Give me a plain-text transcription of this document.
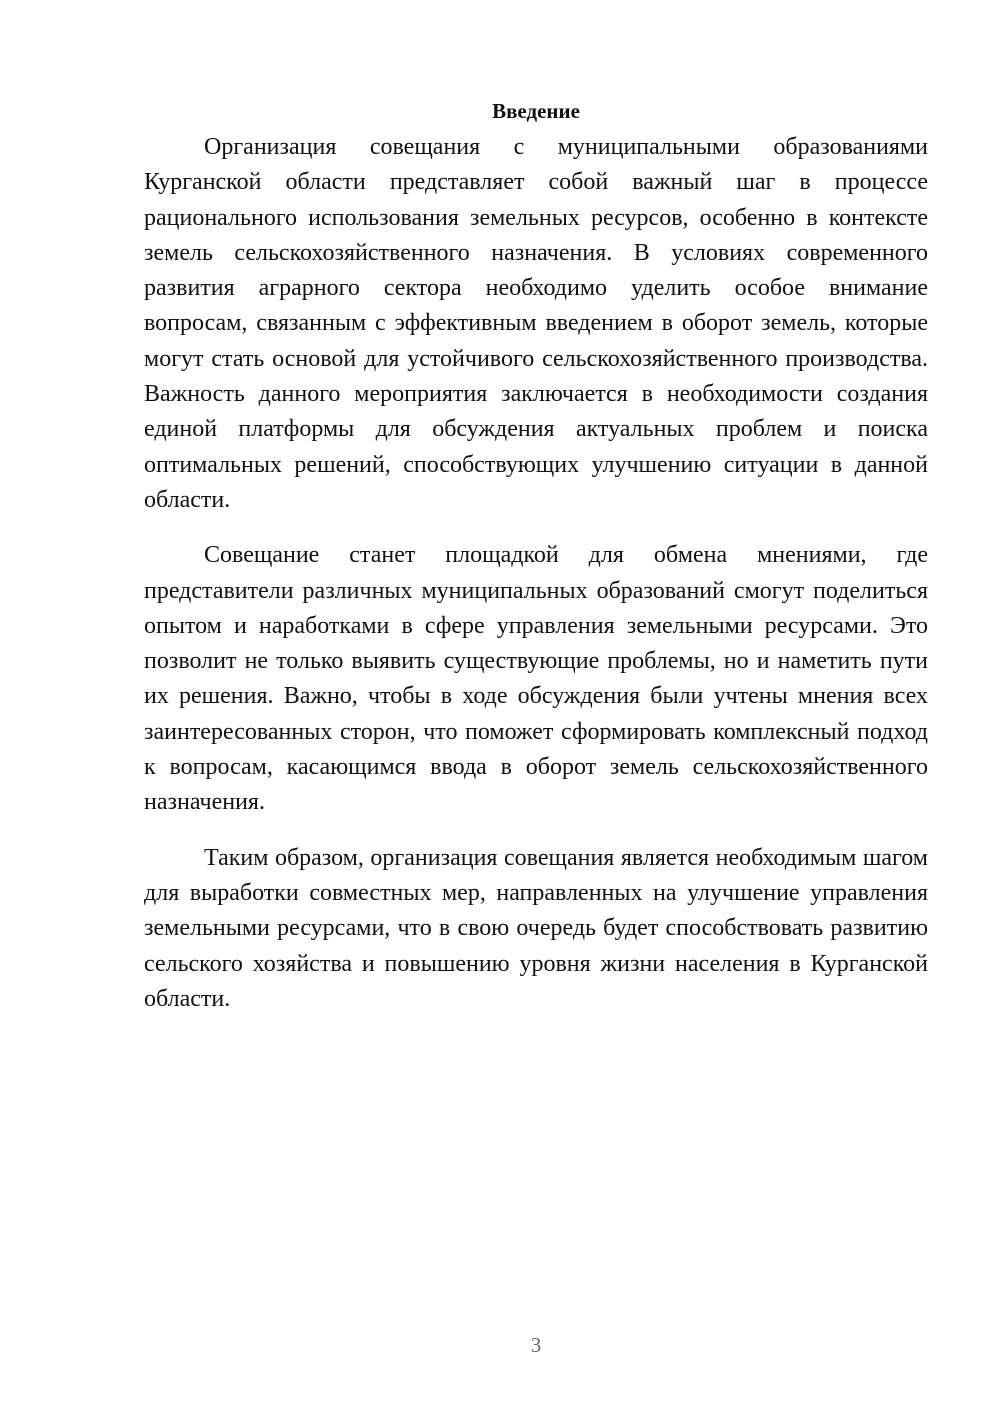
Введение

Организация совещания с муниципальными образованиями Курганской области представляет собой важный шаг в процессе рационального использования земельных ресурсов, особенно в контексте земель сельскохозяйственного назначения. В условиях современного развития аграрного сектора необходимо уделить особое внимание вопросам, связанным с эффективным введением в оборот земель, которые могут стать основой для устойчивого сельскохозяйственного производства. Важность данного мероприятия заключается в необходимости создания единой платформы для обсуждения актуальных проблем и поиска оптимальных решений, способствующих улучшению ситуации в данной области.

Совещание станет площадкой для обмена мнениями, где представители различных муниципальных образований смогут поделиться опытом и наработками в сфере управления земельными ресурсами. Это позволит не только выявить существующие проблемы, но и наметить пути их решения. Важно, чтобы в ходе обсуждения были учтены мнения всех заинтересованных сторон, что поможет сформировать комплексный подход к вопросам, касающимся ввода в оборот земель сельскохозяйственного назначения.

Таким образом, организация совещания является необходимым шагом для выработки совместных мер, направленных на улучшение управления земельными ресурсами, что в свою очередь будет способствовать развитию сельского хозяйства и повышению уровня жизни населения в Курганской области.

3
